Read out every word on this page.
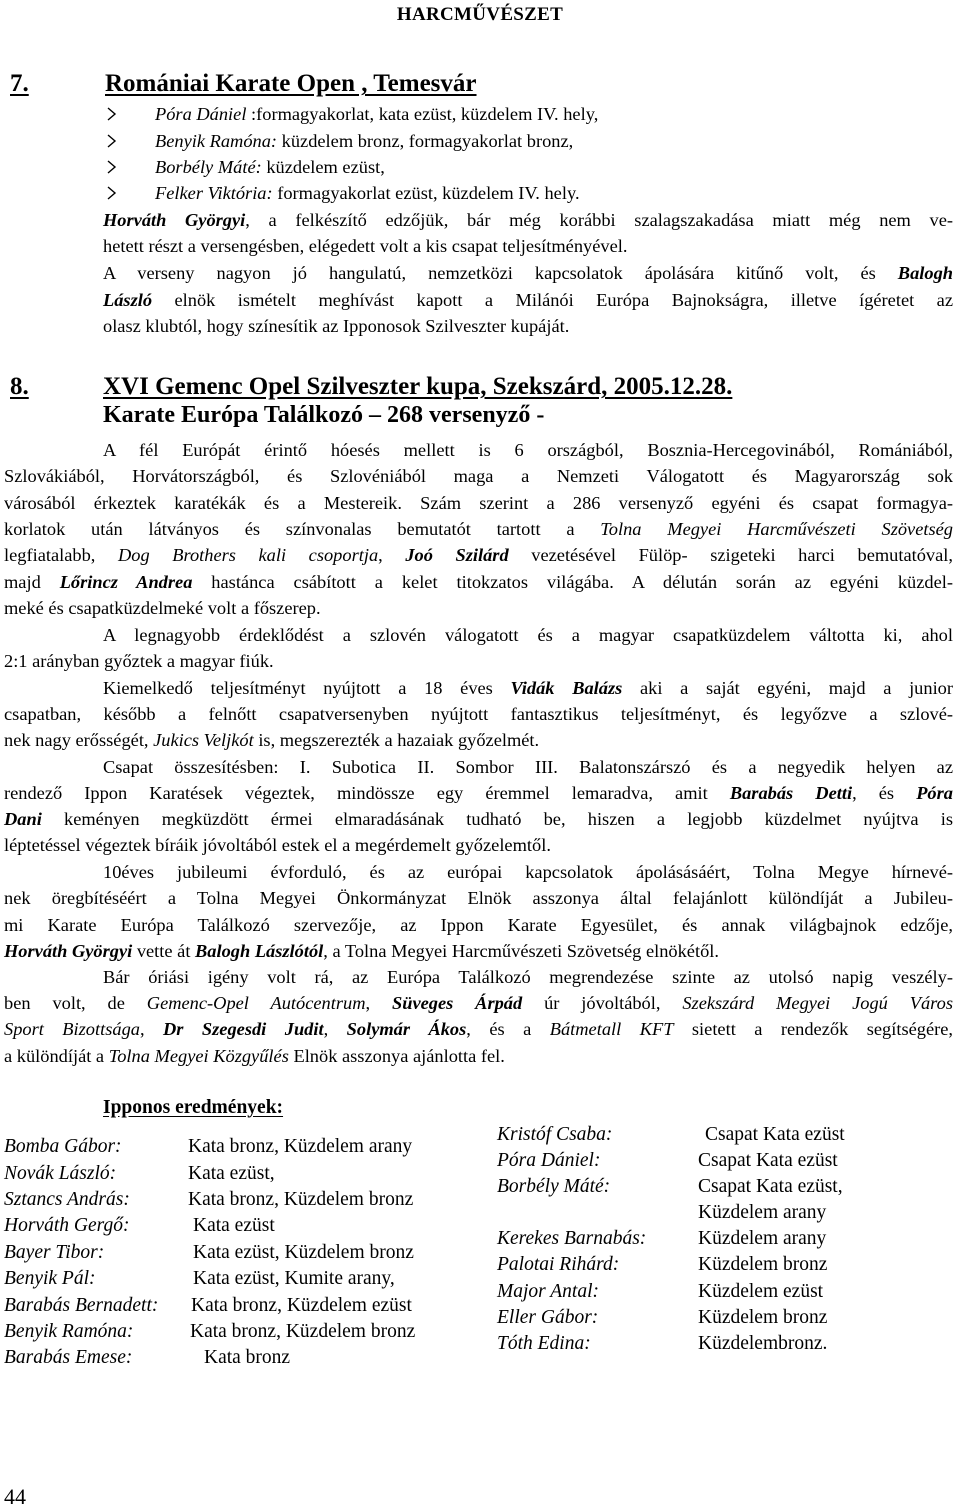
HARCMŰVÉSZET
7.	Romániai Karate Open , Temesvár
Póra Dániel :formagyakorlat, kata ezüst, küzdelem IV. hely,
Benyik Ramóna: küzdelem bronz, formagyakorlat bronz,
Borbély Máté: küzdelem ezüst,
Felker Viktória: formagyakorlat ezüst, küzdelem IV. hely.
Horváth Györgyi, a felkészítő edzőjük, bár még korábbi szalagszakadása miatt még nem ve-
hetett részt a versengésben, elégedett volt a kis csapat teljesítményével.
A verseny nagyon jó hangulatú, nemzetközi kapcsolatok ápolására kitűnő volt, és Balogh
László elnök ismételt meghívást kapott a Milánói Európa Bajnokságra, illetve ígéretet az
olasz klubtól, hogy színesítik az Ipponosok Szilveszter kupáját.
8.	XVI Gemenc Opel Szilveszter kupa, Szekszárd, 2005.12.28.
Karate Európa Találkozó – 268 versenyző -
A fél Európát érintő hóesés mellett is 6 országból, Bosznia-Hercegovinából, Romániából,
Szlovákiából, Horvátországból, és Szlovéniából maga a Nemzeti Válogatott és Magyarország sok
városából érkeztek karatékák és a Mestereik. Szám szerint a 286 versenyző egyéni és csapat formagya-
korlatok után látványos és színvonalas bemutatót tartott a Tolna Megyei Harcművészeti Szövetség
legfiatalabb, Dog Brothers kali csoportja, Joó Szilárd vezetésével Fülöp- szigeteki harci bemutatóval,
majd Lőrincz Andrea hastánca csábított a kelet titokzatos világába. A délután során az egyéni küzdel-
meké és csapatküzdelmeké volt a főszerep.
A legnagyobb érdeklődést a szlovén válogatott és a magyar csapatküzdelem váltotta ki, ahol
2:1 arányban győztek a magyar fiúk.
Kiemelkedő teljesítményt nyújtott a 18 éves Vidák Balázs aki a saját egyéni, majd a junior
csapatban, később a felnőtt csapatversenyben nyújtott fantasztikus teljesítményt, és legyőzve a szlové-
nek nagy erősségét, Jukics Veljkót is, megszerezték a hazaiak győzelmét.
Csapat összesítésben: I. Subotica II. Sombor III. Balatonszárszó és a negyedik helyen az
rendező Ippon Karatések végeztek, mindössze egy éremmel lemaradva, amit Barabás Detti, és Póra
Dani keményen megküzdött érmei elmaradásának tudható be, hiszen a legjobb küzdelmet nyújtva is
léptetéssel végeztek bíráik jóvoltából estek el a megérdemelt győzelemtől.
10éves jubileumi évforduló, és az európai kapcsolatok ápolásásáért, Tolna Megye hírnevé-
nek öregbítéséért a Tolna Megyei Önkormányzat Elnök asszonya által felajánlott különdíját a Jubileu-
mi Karate Európa Találkozó szervezője, az Ippon Karate Egyesület, és annak világbajnok edzője,
Horváth Györgyi vette át Balogh Lászlótól, a Tolna Megyei Harcművészeti Szövetség elnökétől.
Bár óriási igény volt rá, az Európa Találkozó megrendezése szinte az utolsó napig veszély-
ben volt, de Gemenc-Opel Autócentrum, Süveges Árpád úr jóvoltából, Szekszárd Megyei Jogú Város
Sport Bizottsága, Dr Szegesdi Judit, Solymár Ákos, és a Bátmetall KFT sietett a rendezők segítségére,
a különdíját a Tolna Megyei Közgyűlés Elnök asszonya ajánlotta fel.
Ipponos eredmények:
Bomba Gábor:	Kata bronz, Küzdelem arany
Novák László:	Kata ezüst,
Sztancs András:	Kata bronz, Küzdelem bronz
Horváth Gergő:	Kata ezüst
Bayer Tibor:	Kata ezüst, Küzdelem bronz
Benyik Pál:	Kata ezüst, Kumite arany,
Barabás Bernadett: Kata bronz, Küzdelem ezüst
Benyik Ramóna:	Kata bronz, Küzdelem bronz
Barabás Emese:	Kata bronz
Kristóf Csaba:	Csapat Kata ezüst
Póra Dániel:	Csapat Kata ezüst
Borbély Máté:	Csapat Kata ezüst,
Küzdelem arany
Kerekes Barnabás:	Küzdelem arany
Palotai Rihárd:	Küzdelem bronz
Major Antal:	Küzdelem ezüst
Eller Gábor:	Küzdelem bronz
Tóth Edina:	Küzdelembronz.
44
